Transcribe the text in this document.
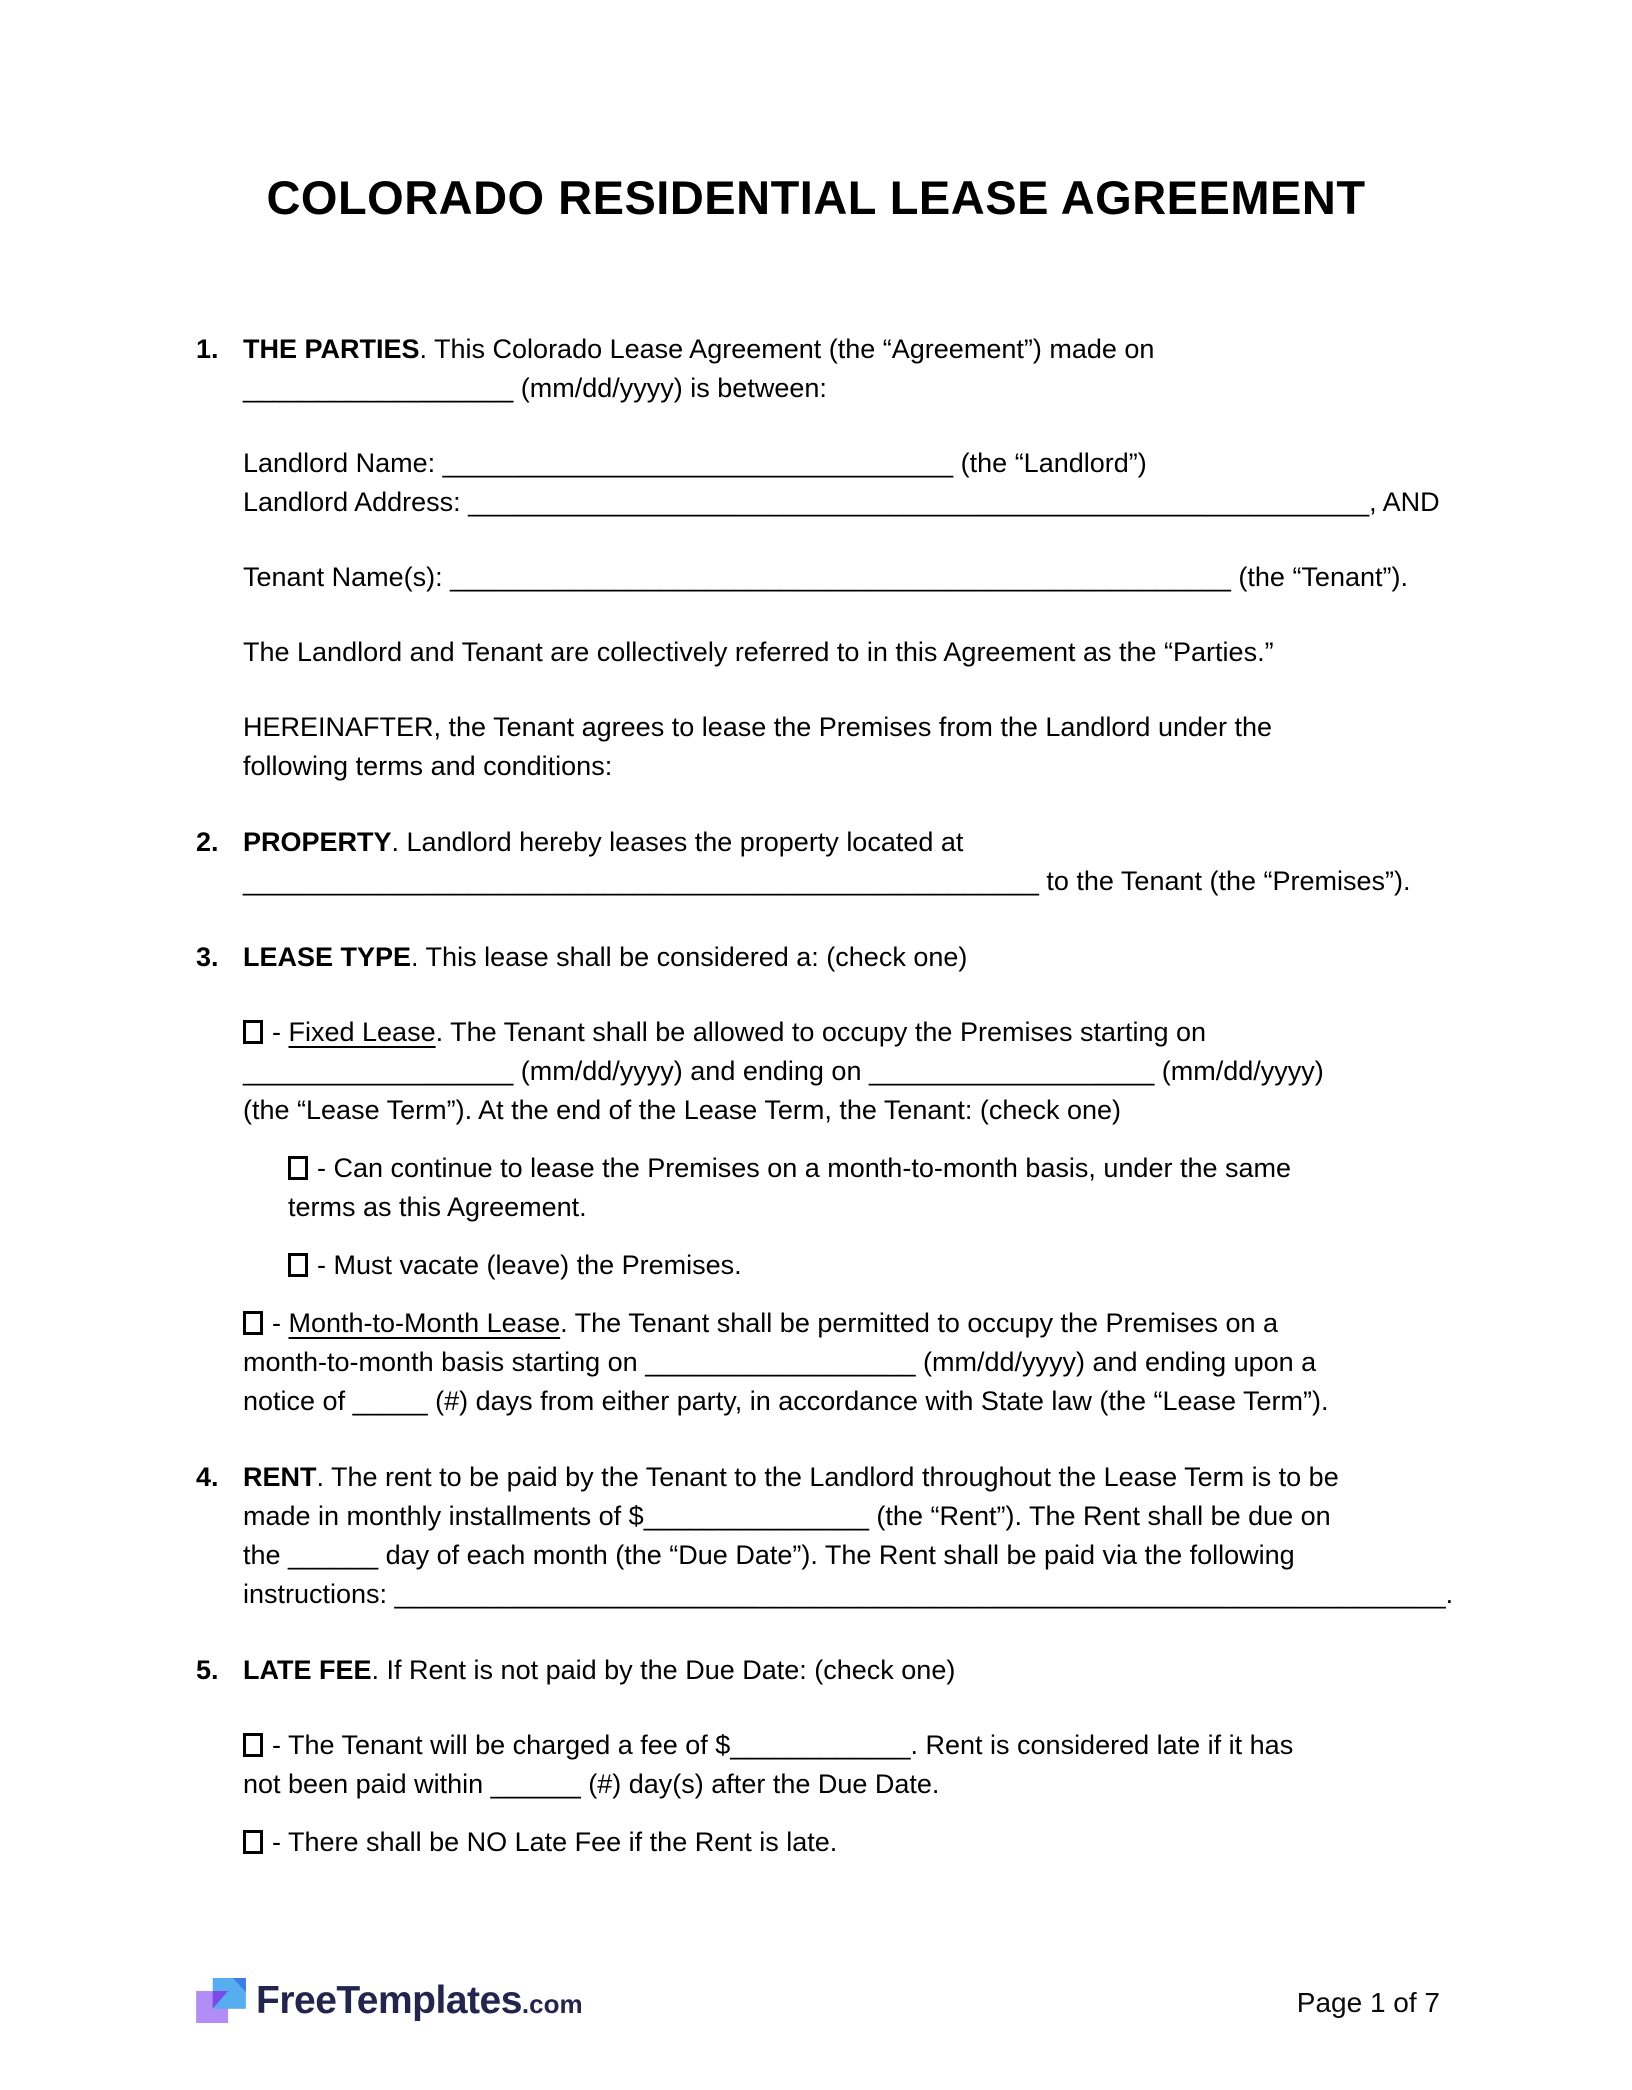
COLORADO RESIDENTIAL LEASE AGREEMENT
1. THE PARTIES. This Colorado Lease Agreement (the “Agreement”) made on
__________________ (mm/dd/yyyy) is between:
Landlord Name: __________________________________ (the “Landlord”)
Landlord Address: ____________________________________________________________, AND
Tenant Name(s): ____________________________________________________ (the “Tenant”).
The Landlord and Tenant are collectively referred to in this Agreement as the “Parties.”
HEREINAFTER, the Tenant agrees to lease the Premises from the Landlord under the
following terms and conditions:
2. PROPERTY. Landlord hereby leases the property located at
_____________________________________________________ to the Tenant (the “Premises”).
3. LEASE TYPE. This lease shall be considered a: (check one)
- Fixed Lease. The Tenant shall be allowed to occupy the Premises starting on
__________________ (mm/dd/yyyy) and ending on ___________________ (mm/dd/yyyy)
(the “Lease Term”). At the end of the Lease Term, the Tenant: (check one)
- Can continue to lease the Premises on a month-to-month basis, under the same
terms as this Agreement.
- Must vacate (leave) the Premises.
- Month-to-Month Lease. The Tenant shall be permitted to occupy the Premises on a
month-to-month basis starting on __________________ (mm/dd/yyyy) and ending upon a
notice of _____ (#) days from either party, in accordance with State law (the “Lease Term”).
4. RENT. The rent to be paid by the Tenant to the Landlord throughout the Lease Term is to be
made in monthly installments of $_______________ (the “Rent”). The Rent shall be due on
the ______ day of each month (the “Due Date”). The Rent shall be paid via the following
instructions: ______________________________________________________________________.
5. LATE FEE. If Rent is not paid by the Due Date: (check one)
- The Tenant will be charged a fee of $____________. Rent is considered late if it has
not been paid within ______ (#) day(s) after the Due Date.
- There shall be NO Late Fee if the Rent is late.
FreeTemplates.com	Page 1 of 7
